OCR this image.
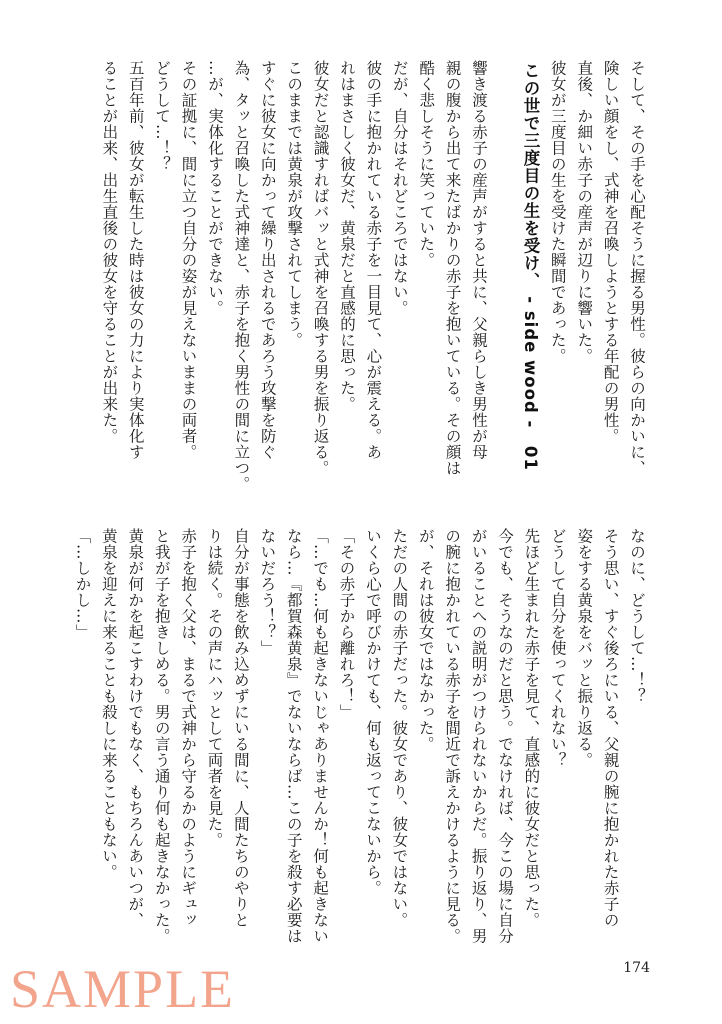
そして、その手を心配そうに握る男性。彼らの向かいに、
険しい顔をし、式神を召喚しようとする年配の男性。
直後、か細い赤子の産声が辺りに響いた。
彼女が三度目の生を受けた瞬間であった。
この世で三度目の生を受け、 - side wood -　01
響き渡る赤子の産声がすると共に、父親らしき男性が母
親の腹から出て来たばかりの赤子を抱いている。その顔は
酷く悲しそうに笑っていた。
だが、自分はそれどころではない。
彼の手に抱かれている赤子を一目見て、心が震える。あ
れはまさしく彼女だ、黄泉だと直感的に思った。
彼女だと認識すればバッと式神を召喚する男を振り返る。
このままでは黄泉が攻撃されてしまう。
すぐに彼女に向かって繰り出されるであろう攻撃を防ぐ
為、タッと召喚した式神達と、赤子を抱く男性の間に立つ。
…が、実体化することができない。
その証拠に、間に立つ自分の姿が見えないままの両者。
どうして…！？
五百年前、彼女が転生した時は彼女の力により実体化す
ることが出来、出生直後の彼女を守ることが出来た。
なのに、どうして…！？
そう思い、すぐ後ろにいる、父親の腕に抱かれた赤子の
姿をする黄泉をバッと振り返る。
どうして自分を使ってくれない？
先ほど生まれた赤子を見て、直感的に彼女だと思った。
今でも、そうなのだと思う。でなければ、今この場に自分
がいることへの説明がつけられないからだ。振り返り、男
の腕に抱かれている赤子を間近で訴えかけるように見る。
が、それは彼女ではなかった。
ただの人間の赤子だった。彼女であり、彼女ではない。
いくら心で呼びかけても、何も返ってこないから。
「その赤子から離れろ！」
「…でも…何も起きないじゃありませんか！何も起きない
なら…『都賀森黄泉』でないならば…この子を殺す必要は
ないだろう！？」
自分が事態を飲み込めずにいる間に、人間たちのやりと
りは続く。その声にハッとして両者を見た。
赤子を抱く父は、まるで式神から守るかのようにギュッ
と我が子を抱きしめる。男の言う通り何も起きなかった。
黄泉が何かを起こすわけでもなく、もちろんあいつが、
黄泉を迎えに来ることも殺しに来ることもない。
「…しかし…」
174
SAMPLE
